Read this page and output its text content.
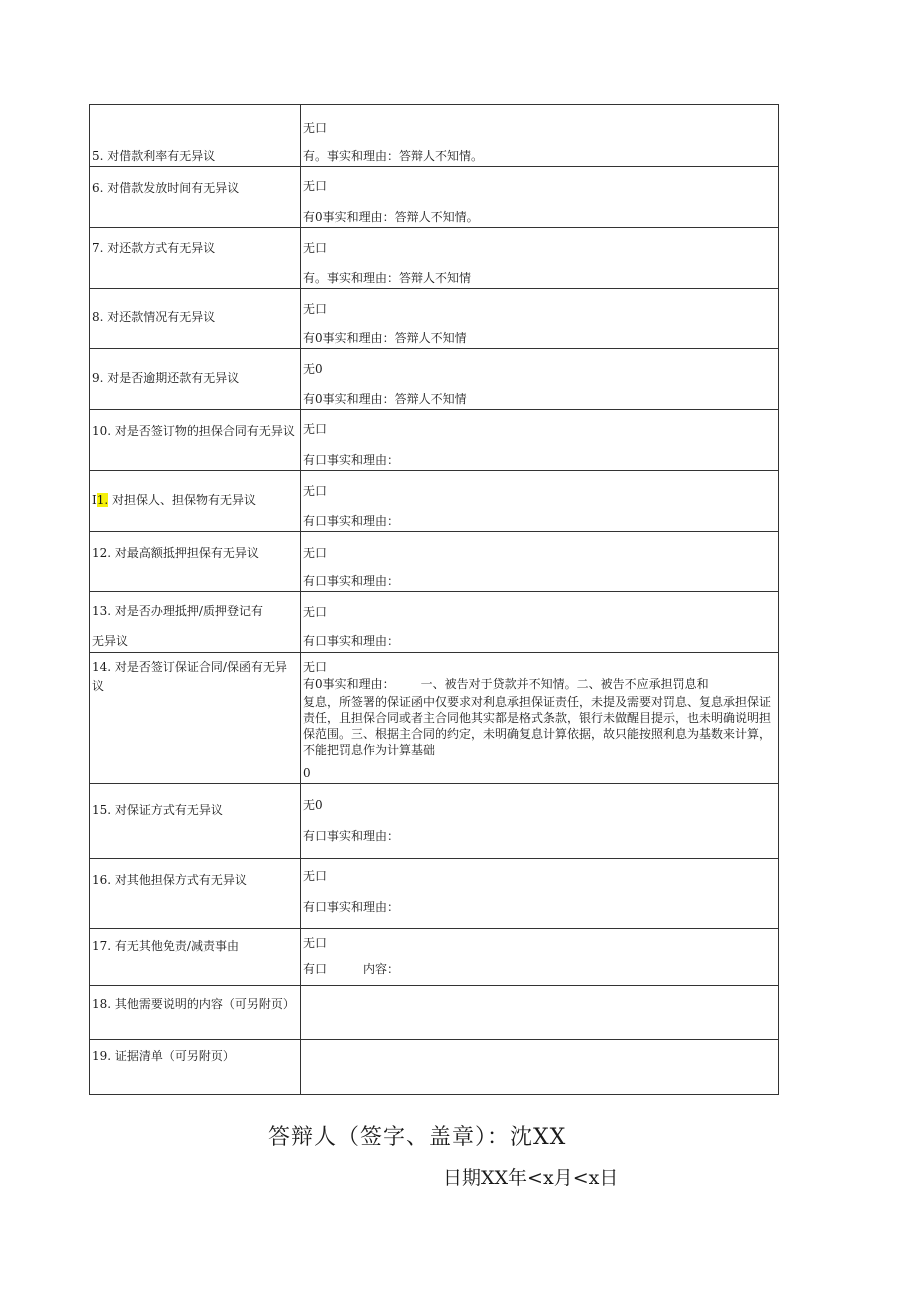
5. 对借款利率有无异议	无口
有。事实和理由：答辩人不知情。

6. 对借款发放时间有无异议	无口
有0事实和理由：答辩人不知情。

7. 对还款方式有无异议	无口
有。事实和理由：答辩人不知情

8. 对还款情况有无异议	无口
有0事实和理由：答辩人不知情

9. 对是否逾期还款有无异议	无0
有0事实和理由：答辩人不知情

10. 对是否签订物的担保合同有无异议	无口
有口事实和理由：

I1. 对担保人、担保物有无异议	无口
有口事实和理由：

12. 对最高额抵押担保有无异议	无口
有口事实和理由：

13. 对是否办理抵押/质押登记有
无异议	无口
有口事实和理由：

14. 对是否签订保证合同/保函有无异议	无口
有0事实和理由： 一、被告对于贷款并不知情。二、被告不应承担罚息和
复息，所签署的保证函中仅要求对利息承担保证责任，未提及需要对罚息、复息承担保证责任，且担保合同或者主合同他其实都是格式条款，银行未做醒目提示，也未明确说明担保范围。三、根据主合同的约定，未明确复息计算依据，故只能按照利息为基数来计算，不能把罚息作为计算基础
0

15. 对保证方式有无异议	无0
有口事实和理由：

16. 对其他担保方式有无异议	无口
有口事实和理由：

17. 有无其他免责/减责事由	无口
有口 内容：

18. 其他需要说明的内容（可另附页）	

19. 证据清单（可另附页）	

答辩人（签字、盖章）：沈XX
日期XX年<x月<x日
